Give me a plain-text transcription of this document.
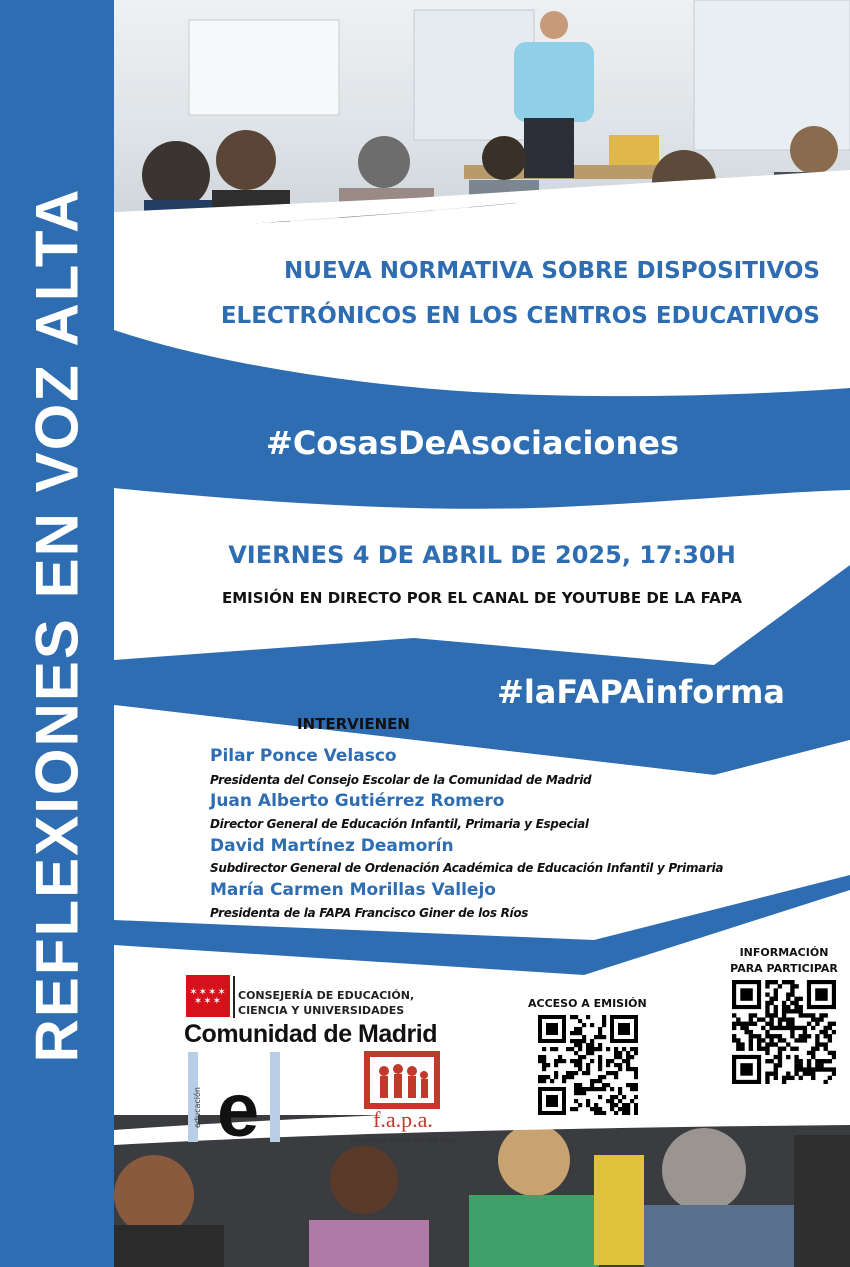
REFLEXIONES EN VOZ ALTA	NUEVA NORMATIVA SOBRE DISPOSITIVOS
ELECTRÓNICOS EN LOS CENTROS EDUCATIVOS
#CosasDeAsociaciones
VIERNES 4 DE ABRIL DE 2025, 17:30H
EMISIÓN EN DIRECTO POR EL CANAL DE YOUTUBE DE LA FAPA
#laFAPAinforma
INTERVIENEN
Pilar Ponce Velasco
Presidenta del Consejo Escolar de la Comunidad de Madrid
Juan Alberto Gutiérrez Romero
Director General de Educación Infantil, Primaria y Especial
David Martínez Deamorín
Subdirector General de Ordenación Académica de Educación Infantil y Primaria
María Carmen Morillas Vallejo
Presidenta de la FAPA Francisco Giner de los Ríos
✶✶✶✶
✶✶✶	CONSEJERÍA DE EDUCACIÓN,
CIENCIA Y UNIVERSIDADES
Comunidad de Madrid
educación e	f.a.p.a.
Francisco Giner de los Ríos
ACCESO A EMISIÓN
INFORMACIÓN
PARA PARTICIPAR
